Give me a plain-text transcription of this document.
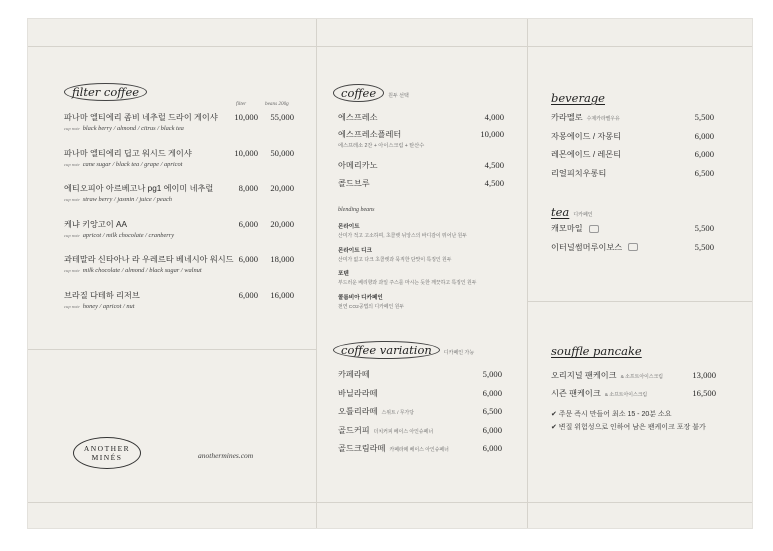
filter coffee
filter	beans 200g
파나마 엘티에리 좀비 네추럴 드라이 게이샤	10,000	55,000
cup note black berry / almond / citrus / black tea
파나마 엘티에리 딥고 워시드 게이샤	10,000	50,000
cup note cane sugar / black tea / grape / apricot
에티오피아 아르베고나 pg1 에이미 네추럴	8,000	20,000
cup note straw berry / jasmin / juice / peach
케냐 키앙고이 AA	6,000	20,000
cup note apricot / milk chocolate / cranberry
과테말라 신타아나 라 우레르타 베네시아 워시드 6,000	18,000
cup note milk chocolate / almond / black sugar / walnut
브라질 다테하 리저브	6,000	16,000
cup note honey / apricot / nut
ANOTHER
MINÉS	anothermines.com
coffee 원두 선택
에스프레소	4,000
에스프레소플레터	10,000
에스프레소 2잔 + 아이스크림 + 탄산수
아메리카노	4,500
콜드브루	4,500
blending beans
몬라이트
산미가 적고 고소하며, 초콜렛 뉘앙스의 바디감이 뛰어난 원두
몬라이트 디크
산미가 없고 다크 초콜렛과 묵직한 단맛이 특징인 원두
포텐
부드러운 베리향과 과일 주스를 마시는 듯한 깨끗하고 특징인 원두
콜롬비아 디카페인
천연 CO2공법의 디카페인 원두
coffee variation 디카페인 가능
카페라떼	5,000
바닐라라떼	6,000
오틀리라떼 스위트 / 무가당	6,500
골드커피 더치커피 베이스 아인슈페너	6,000
골드크림라떼 카페라떼 베이스 아인슈페너	6,000
beverage
카라멜로 수제카라멜우유	5,500
자몽에이드 / 자몽티	6,000
레몬에이드 / 레몬티	6,000
리얼피치우롱티	6,500
tea 디카페인
캐모마일	5,500
이터널썸머루이보스	5,500
souffle pancake
오리지널 팬케이크 & 소프트아이스크림	13,000
시즌 팬케이크 & 소프트아이스크림	16,500
✔ 주문 즉시 만들어 최소 15 - 20분 소요
✔ 변질 위험성으로 인하여 남은 팬케이크 포장 불가
